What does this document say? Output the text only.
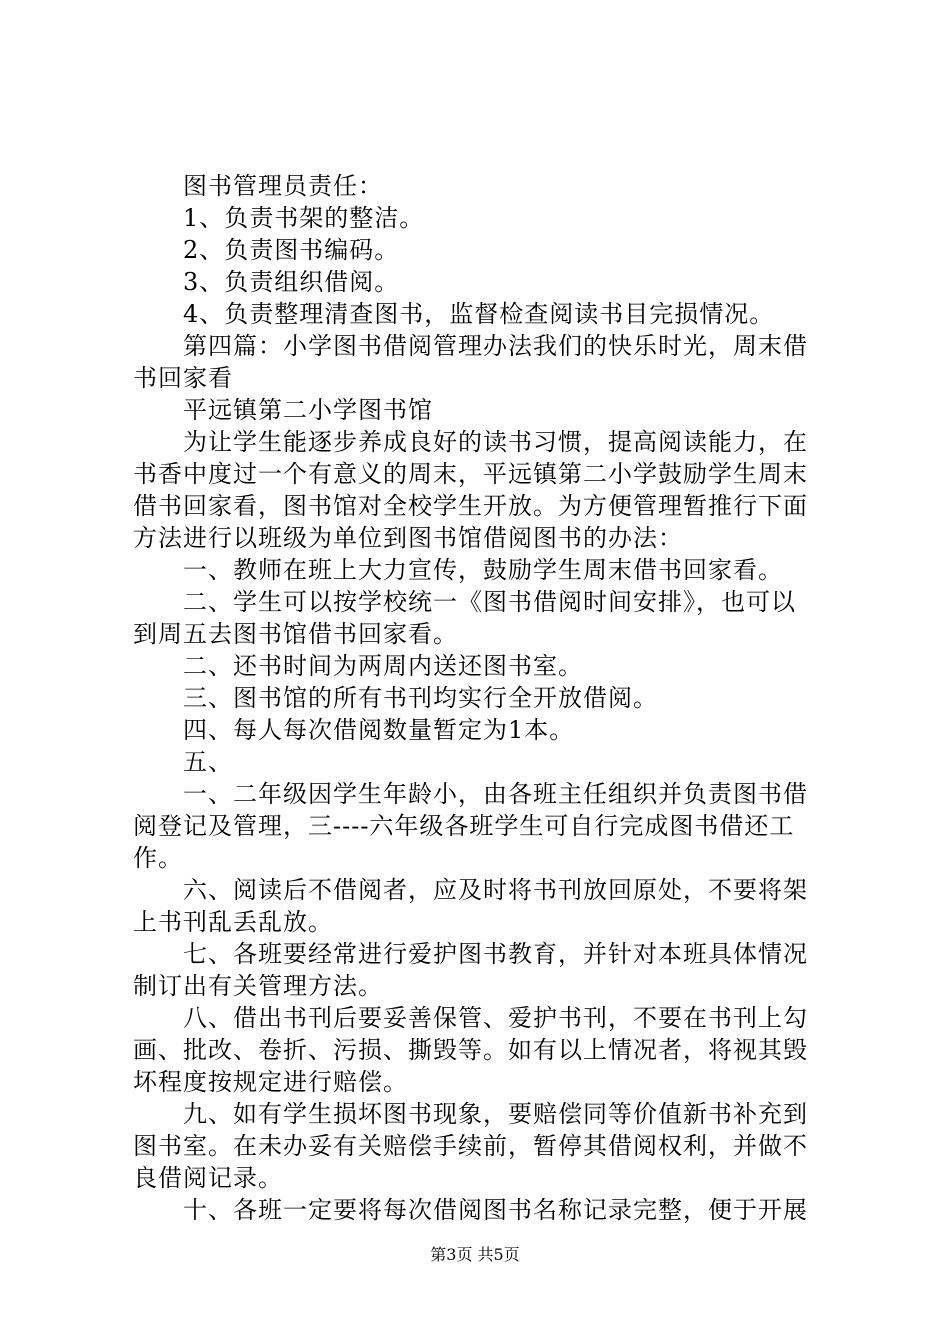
图书管理员责任：
1、负责书架的整洁。
2、负责图书编码。
3、负责组织借阅。
4、负责整理清查图书，监督检查阅读书目完损情况。
第四篇：小学图书借阅管理办法我们的快乐时光，周末借
书回家看
平远镇第二小学图书馆
为让学生能逐步养成良好的读书习惯，提高阅读能力，在
书香中度过一个有意义的周末，平远镇第二小学鼓励学生周末
借书回家看，图书馆对全校学生开放。为方便管理暂推行下面
方法进行以班级为单位到图书馆借阅图书的办法：
一、教师在班上大力宣传，鼓励学生周末借书回家看。
二、学生可以按学校统一《图书借阅时间安排》，也可以
到周五去图书馆借书回家看。
二、还书时间为两周内送还图书室。
三、图书馆的所有书刊均实行全开放借阅。
四、每人每次借阅数量暂定为1本。
五、
一、二年级因学生年龄小，由各班主任组织并负责图书借
阅登记及管理，三----六年级各班学生可自行完成图书借还工
作。
六、阅读后不借阅者，应及时将书刊放回原处，不要将架
上书刊乱丢乱放。
七、各班要经常进行爱护图书教育，并针对本班具体情况
制订出有关管理方法。
八、借出书刊后要妥善保管、爱护书刊，不要在书刊上勾
画、批改、卷折、污损、撕毁等。如有以上情况者，将视其毁
坏程度按规定进行赔偿。
九、如有学生损坏图书现象，要赔偿同等价值新书补充到
图书室。在未办妥有关赔偿手续前，暂停其借阅权利，并做不
良借阅记录。
十、各班一定要将每次借阅图书名称记录完整，便于开展
第3页 共5页
